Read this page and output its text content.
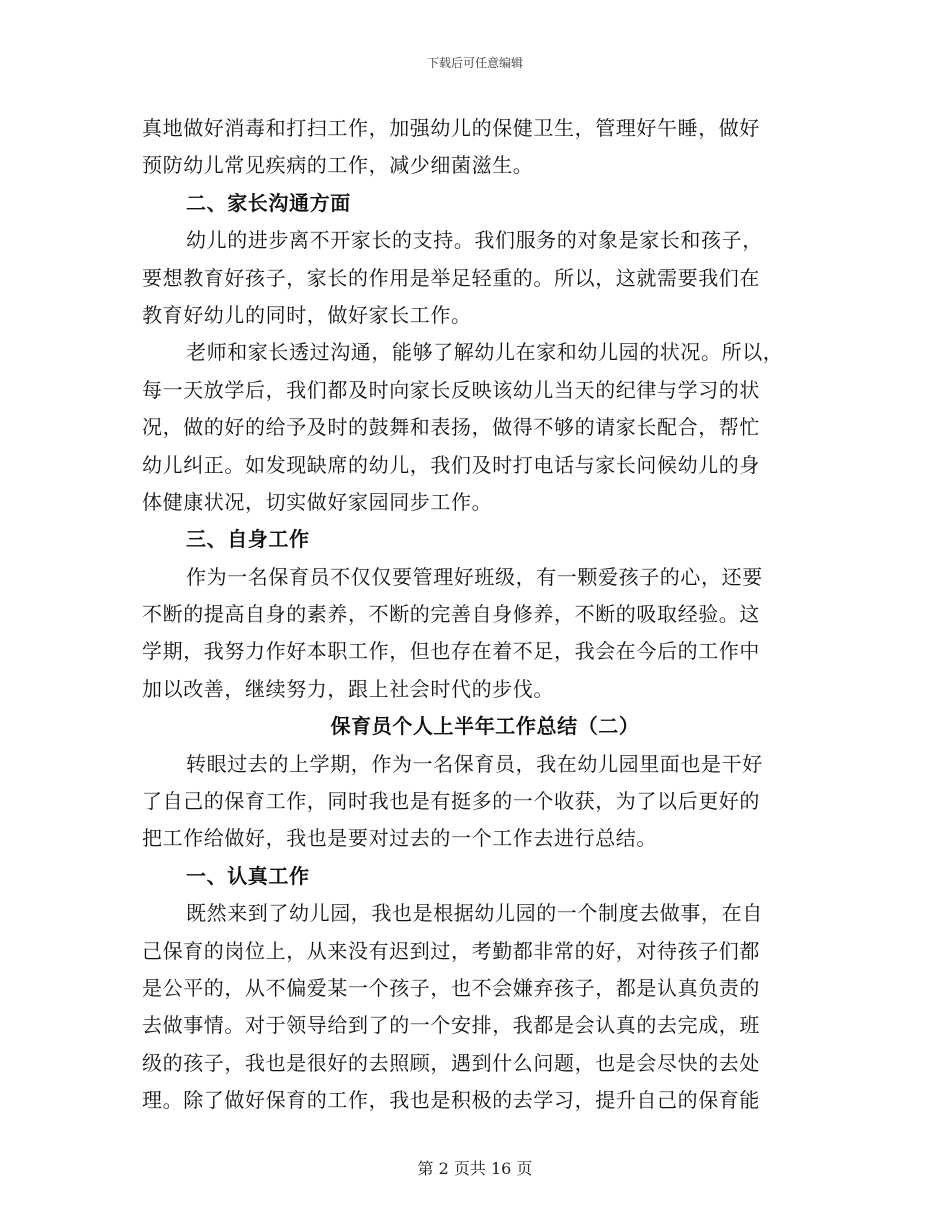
下载后可任意编辑
真地做好消毒和打扫工作，加强幼儿的保健卫生，管理好午睡，做好
预防幼儿常见疾病的工作，减少细菌滋生。
二、家长沟通方面
幼儿的进步离不开家长的支持。我们服务的对象是家长和孩子，
要想教育好孩子，家长的作用是举足轻重的。所以，这就需要我们在
教育好幼儿的同时，做好家长工作。
老师和家长透过沟通，能够了解幼儿在家和幼儿园的状况。所以，
每一天放学后，我们都及时向家长反映该幼儿当天的纪律与学习的状
况，做的好的给予及时的鼓舞和表扬，做得不够的请家长配合，帮忙
幼儿纠正。如发现缺席的幼儿，我们及时打电话与家长问候幼儿的身
体健康状况，切实做好家园同步工作。
三、自身工作
作为一名保育员不仅仅要管理好班级，有一颗爱孩子的心，还要
不断的提高自身的素养，不断的完善自身修养，不断的吸取经验。这
学期，我努力作好本职工作，但也存在着不足，我会在今后的工作中
加以改善，继续努力，跟上社会时代的步伐。
保育员个人上半年工作总结（二）
转眼过去的上学期，作为一名保育员，我在幼儿园里面也是干好
了自己的保育工作，同时我也是有挺多的一个收获，为了以后更好的
把工作给做好，我也是要对过去的一个工作去进行总结。
一、认真工作
既然来到了幼儿园，我也是根据幼儿园的一个制度去做事，在自
己保育的岗位上，从来没有迟到过，考勤都非常的好，对待孩子们都
是公平的，从不偏爱某一个孩子，也不会嫌弃孩子，都是认真负责的
去做事情。对于领导给到了的一个安排，我都是会认真的去完成，班
级的孩子，我也是很好的去照顾，遇到什么问题，也是会尽快的去处
理。除了做好保育的工作，我也是积极的去学习，提升自己的保育能
第 2 页共 16 页
